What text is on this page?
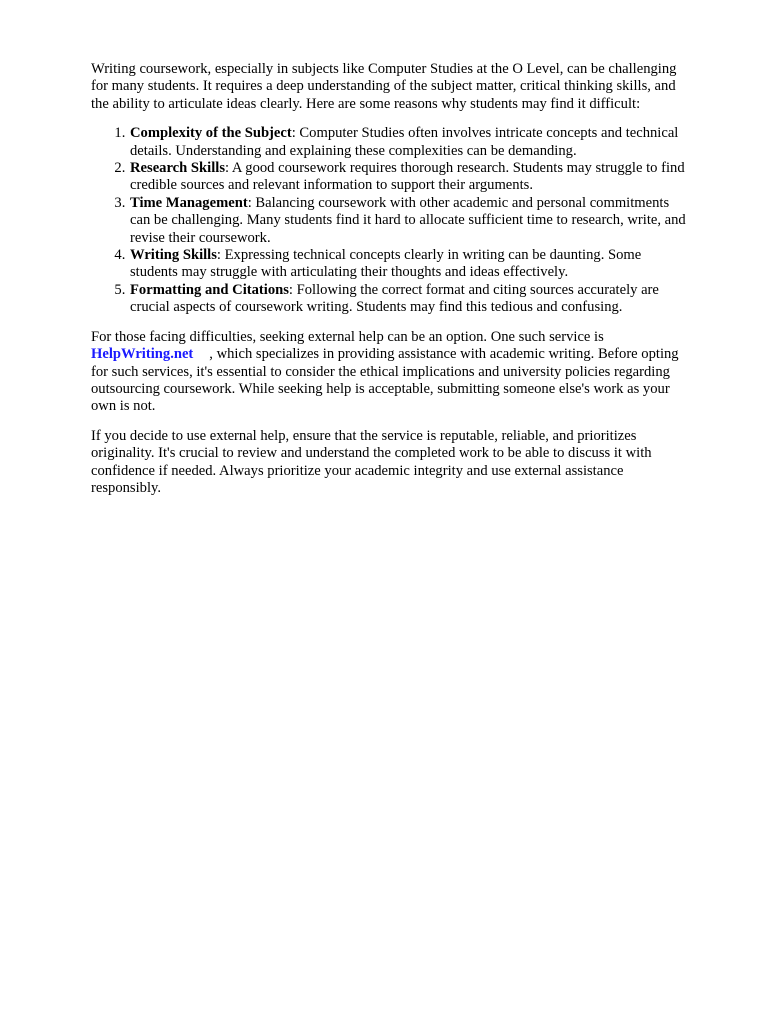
Writing coursework, especially in subjects like Computer Studies at the O Level, can be challenging for many students. It requires a deep understanding of the subject matter, critical thinking skills, and the ability to articulate ideas clearly. Here are some reasons why students may find it difficult:

1. Complexity of the Subject: Computer Studies often involves intricate concepts and technical details. Understanding and explaining these complexities can be demanding.
2. Research Skills: A good coursework requires thorough research. Students may struggle to find credible sources and relevant information to support their arguments.
3. Time Management: Balancing coursework with other academic and personal commitments can be challenging. Many students find it hard to allocate sufficient time to research, write, and revise their coursework.
4. Writing Skills: Expressing technical concepts clearly in writing can be daunting. Some students may struggle with articulating their thoughts and ideas effectively.
5. Formatting and Citations: Following the correct format and citing sources accurately are crucial aspects of coursework writing. Students may find this tedious and confusing.

For those facing difficulties, seeking external help can be an option. One such service is HelpWriting.net , which specializes in providing assistance with academic writing. Before opting for such services, it's essential to consider the ethical implications and university policies regarding outsourcing coursework. While seeking help is acceptable, submitting someone else's work as your own is not.

If you decide to use external help, ensure that the service is reputable, reliable, and prioritizes originality. It's crucial to review and understand the completed work to be able to discuss it with confidence if needed. Always prioritize your academic integrity and use external assistance responsibly.
